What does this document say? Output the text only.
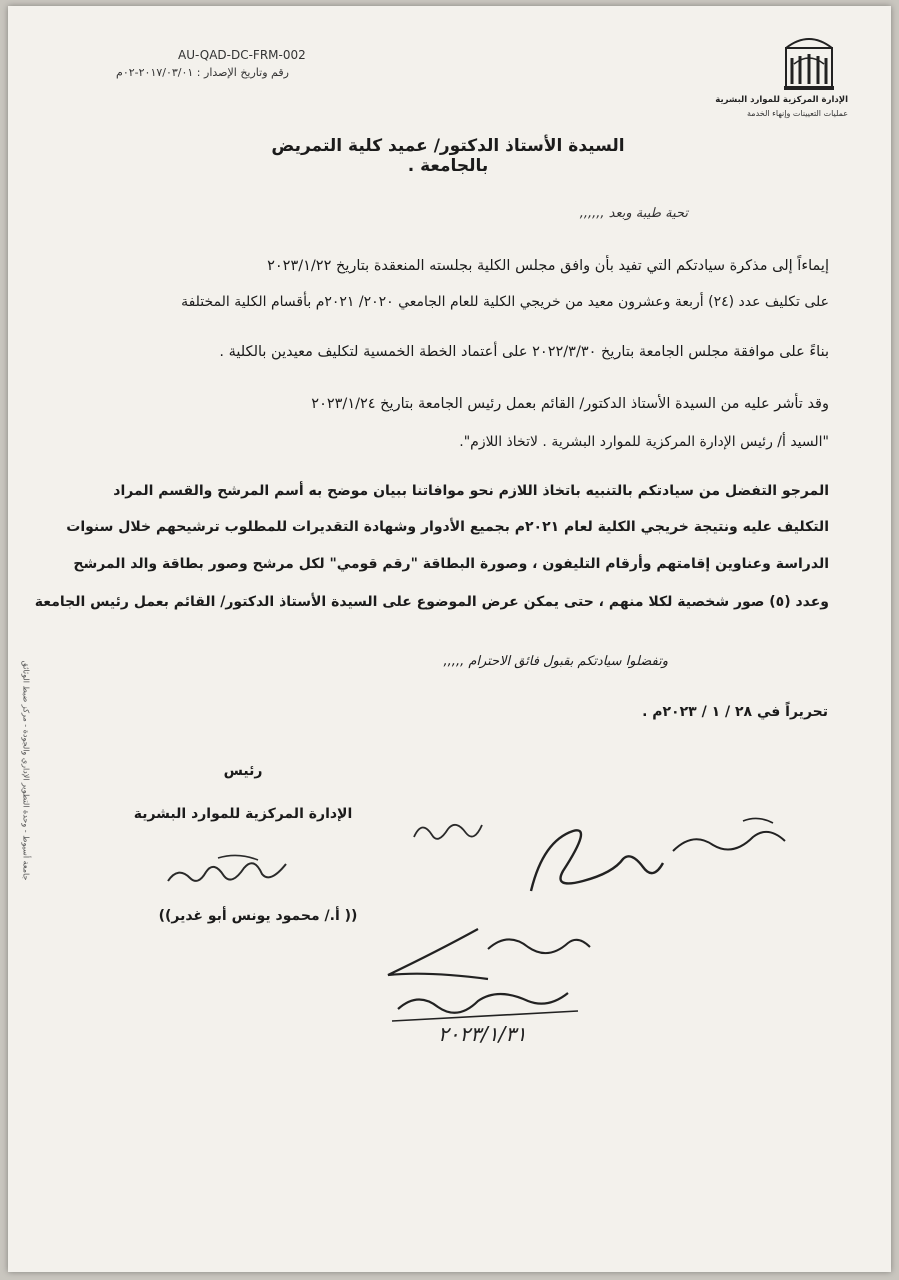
AU-QAD-DC-FRM-002
رقم وتاريخ الإصدار : ٢٠١٧/٠٣/٠١-٠٢م
الإدارة المركزية للموارد البشرية
عمليات التعيينات وإنهاء الخدمة
السيدة الأستاذ الدكتور/ عميد كلية التمريض بالجامعة .
تحية طيبة وبعد ,,,,,,
إيماءاً إلى مذكرة سيادتكم التي تفيد بأن وافق مجلس الكلية بجلسته المنعقدة بتاريخ ٢٠٢٣/١/٢٢
على تكليف عدد (٢٤) أربعة وعشرون معيد من خريجي الكلية للعام الجامعي ٢٠٢٠/ ٢٠٢١م بأقسام الكلية المختلفة
بناءً على موافقة مجلس الجامعة بتاريخ ٢٠٢٢/٣/٣٠ على أعتماد الخطة الخمسية لتكليف معيدين بالكلية .
وقد تأشر عليه من السيدة الأستاذ الدكتور/ القائم بعمل رئيس الجامعة بتاريخ ٢٠٢٣/١/٢٤
"السيد أ/ رئيس الإدارة المركزية للموارد البشرية . لاتخاذ اللازم".
المرجو التفضل من سيادتكم بالتنبيه باتخاذ اللازم نحو موافاتنا ببيان موضح به أسم المرشح والقسم المراد
التكليف عليه ونتيجة خريجي الكلية لعام ٢٠٢١م بجميع الأدوار وشهادة التقديرات للمطلوب ترشيحهم خلال سنوات
الدراسة وعناوين إقامتهم وأرقام التليفون ، وصورة البطاقة "رقم قومي" لكل مرشح وصور بطاقة والد المرشح
وعدد (٥) صور شخصية لكلا منهم ، حتى يمكن عرض الموضوع على السيدة الأستاذ الدكتور/ القائم بعمل رئيس الجامعة
وتفضلوا سيادتكم بقبول فائق الاحترام ,,,,,
تحريراً في ٢٨ / ١ / ٢٠٢٣م .
رئيس
الإدارة المركزية للموارد البشرية
(( أ./ محمود يونس أبو غدير))
٢٠٢٣/١/٣١
جامعة أسيوط - وحدة التطوير الإداري والجودة - مركز ضبط الوثائق
